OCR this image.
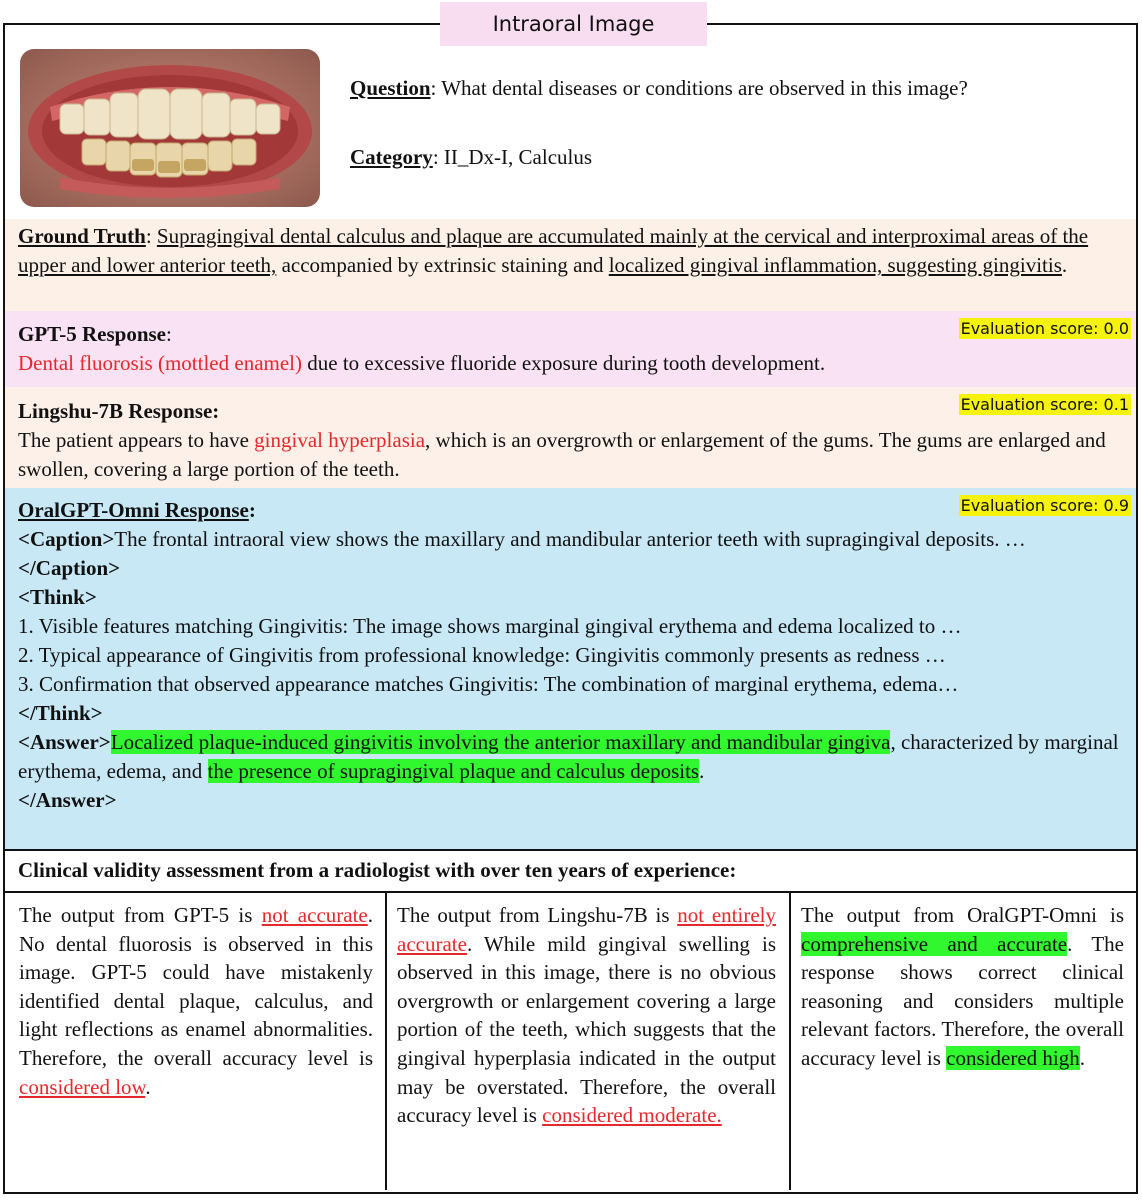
Intraoral Image
Question: What dental diseases or conditions are observed in this image?
Category: II_Dx-I, Calculus
Ground Truth: Supragingival dental calculus and plaque are accumulated mainly at the cervical and interproximal areas of the upper and lower anterior teeth, accompanied by extrinsic staining and localized gingival inflammation, suggesting gingivitis.
Evaluation score: 0.0
GPT-5 Response:
Dental fluorosis (mottled enamel) due to excessive fluoride exposure during tooth development.
Evaluation score: 0.1
Lingshu-7B Response:
The patient appears to have gingival hyperplasia, which is an overgrowth or enlargement of the gums. The gums are enlarged and swollen, covering a large portion of the teeth.
Evaluation score: 0.9
OralGPT-Omni Response:
<Caption>The frontal intraoral view shows the maxillary and mandibular anterior teeth with supragingival deposits. …
</Caption>
<Think>
1. Visible features matching Gingivitis: The image shows marginal gingival erythema and edema localized to …
2. Typical appearance of Gingivitis from professional knowledge: Gingivitis commonly presents as redness …
3. Confirmation that observed appearance matches Gingivitis: The combination of marginal erythema, edema…
</Think>
<Answer>Localized plaque-induced gingivitis involving the anterior maxillary and mandibular gingiva, characterized by marginal erythema, edema, and the presence of supragingival plaque and calculus deposits.
</Answer>
Clinical validity assessment from a radiologist with over ten years of experience:
The output from GPT-5 is not accurate. No dental fluorosis is observed in this image. GPT-5 could have mistakenly identified dental plaque, calculus, and light reflections as enamel abnormalities. Therefore, the overall accuracy level is considered low.
The output from Lingshu-7B is not entirely accurate. While mild gingival swelling is observed in this image, there is no obvious overgrowth or enlargement covering a large portion of the teeth, which suggests that the gingival hyperplasia indicated in the output may be overstated. Therefore, the overall accuracy level is considered moderate.
The output from OralGPT-Omni is comprehensive and accurate. The response shows correct clinical reasoning and considers multiple relevant factors. Therefore, the overall accuracy level is considered high.
